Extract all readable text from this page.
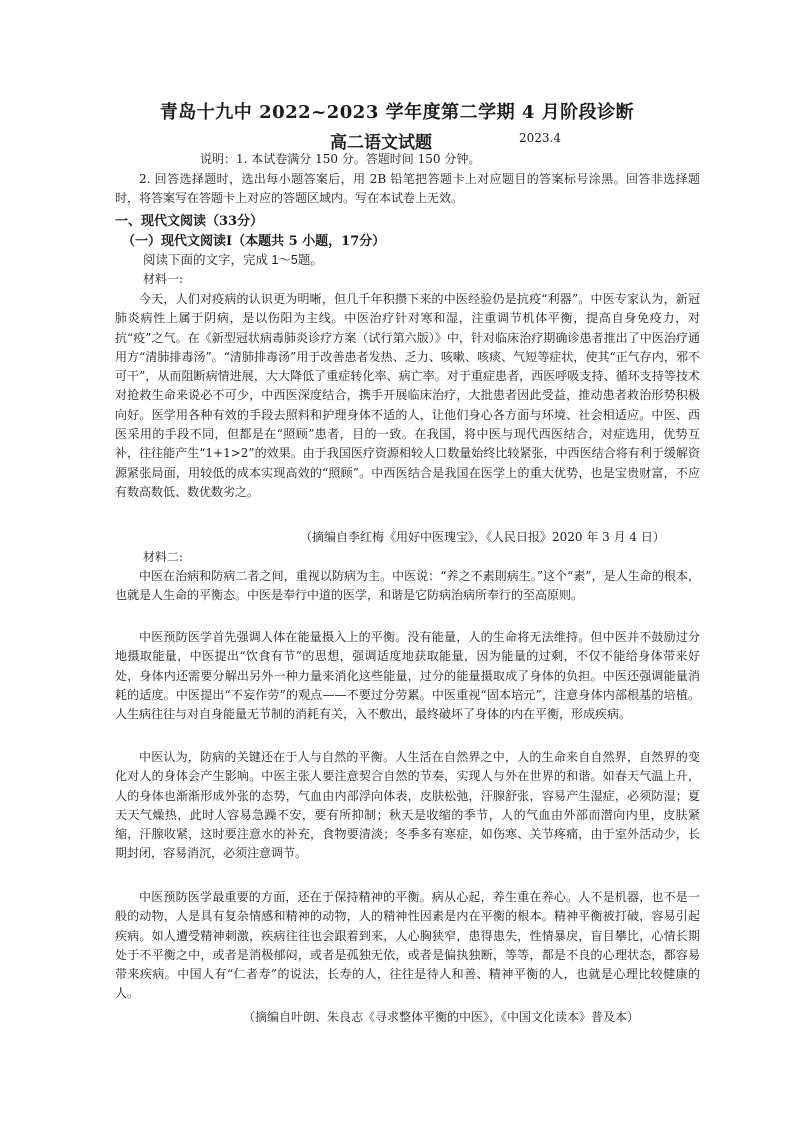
青岛十九中 2022~2023 学年度第二学期 4 月阶段诊断
高二语文试题	2023.4
说明：1. 本试卷满分 150 分。答题时间 150 分钟。

2. 回答选择题时，选出每小题答案后，用 2B 铅笔把答题卡上对应题目的答案标号涂黑。回答非选择题时，将答案写在答题卡上对应的答题区域内。写在本试卷上无效。

一、现代文阅读（33分）
（一）现代文阅读Ⅰ（本题共 5 小题，17分）
阅读下面的文字，完成 1～5题。
材料一:

今天，人们对疫病的认识更为明晰，但几千年积攒下来的中医经验仍是抗疫“利器”。中医专家认为，新冠肺炎病性上属于阴病，是以伤阳为主线。中医治疗针对寒和湿，注重调节机体平衡，提高自身免疫力，对抗“疫”之气。在《新型冠状病毒肺炎诊疗方案（试行第六版）》中，针对临床治疗期确诊患者推出了中医治疗通用方“清肺排毒汤”。“清肺排毒汤”用于改善患者发热、乏力、咳嗽、咳痰、气短等症状，使其“正气存内，邪不可干”，从而阻断病情进展，大大降低了重症转化率、病亡率。对于重症患者，西医呼吸支持、循环支持等技术对抢救生命来说必不可少，中西医深度结合，携手开展临床治疗，大批患者因此受益，推动患者救治形势积极向好。医学用各种有效的手段去照料和护理身体不适的人，让他们身心各方面与环境、社会相适应。中医、西医采用的手段不同，但都是在“照顾”患者，目的一致。在我国，将中医与现代西医结合，对症选用，优势互补，往往能产生“1+1>2”的效果。由于我国医疗资源相较人口数量始终比较紧张，中西医结合将有利于缓解资源紧张局面，用较低的成本实现高效的“照顾”。中西医结合是我国在医学上的重大优势，也是宝贵财富，不应有数高数低、数优数劣之。

（摘编自李红梅《用好中医瑰宝》，《人民日报》2020 年 3 月 4 日）
材料二:

中医在治病和防病二者之间，重视以防病为主。中医说：“养之不素則病生。”这个“素”，是人生命的根本，也就是人生命的平衡态。中医是奉行中道的医学，和谐是它防病治病所奉行的至高原则。

中医预防医学首先强调人体在能量摄入上的平衡。没有能量，人的生命将无法维持。但中医并不鼓励过分地摄取能量，中医提出“饮食有节”的思想，强调适度地获取能量，因为能量的过剩，不仅不能给身体带来好处，身体内还需要分解出另外一种力量来消化这些能量，过分的能量摄取成了身体的负担。中医还强调能量消耗的适度。中医提出“不妄作劳”的观点——不要过分劳累。中医重视“固本培元”，注意身体内部根基的培植。人生病往往与对自身能量无节制的消耗有关，入不敷出，最终破坏了身体的内在平衡，形成疾病。

中医认为，防病的关键还在于人与自然的平衡。人生活在自然界之中，人的生命来自自然界，自然界的变化对人的身体会产生影响。中医主张人要注意契合自然的节奏，实现人与外在世界的和谐。如春天气温上升，人的身体也渐渐形成外张的态势，气血由内部浮向体表，皮肤松弛，汗腺舒张，容易产生湿症，必须防湿；夏天天气燥热，此时人容易急躁不安，要有所抑制；秋天是收缩的季节，人的气血由外部而潜向内里，皮肤紧缩，汗腺收紧，这时要注意水的补充，食物要清淡；冬季多有寒症，如伤寒、关节疼痛，由于室外活动少，长期封闭，容易消沉，必须注意调节。

中医预防医学最重要的方面，还在于保持精神的平衡。病从心起，养生重在养心。人不是机器，也不是一般的动物，人是具有复杂情感和精神的动物，人的精神性因素是内在平衡的根本。精神平衡被打破，容易引起疾病。如人遭受精神刺激，疾病往往也会跟着到来，人心胸狭窄，患得患失，性情暴戾，盲目攀比，心情长期处于不平衡之中，或者是消极郁闷，或者是孤独无依，或者是偏执独断，等等，都是不良的心理状态，都容易带来疾病。中国人有“仁者寿”的说法，长寿的人，往往是待人和善、精神平衡的人，也就是心理比较健康的人。

（摘编自叶朗、朱良志《寻求整体平衡的中医》，《中国文化读本》普及本）
